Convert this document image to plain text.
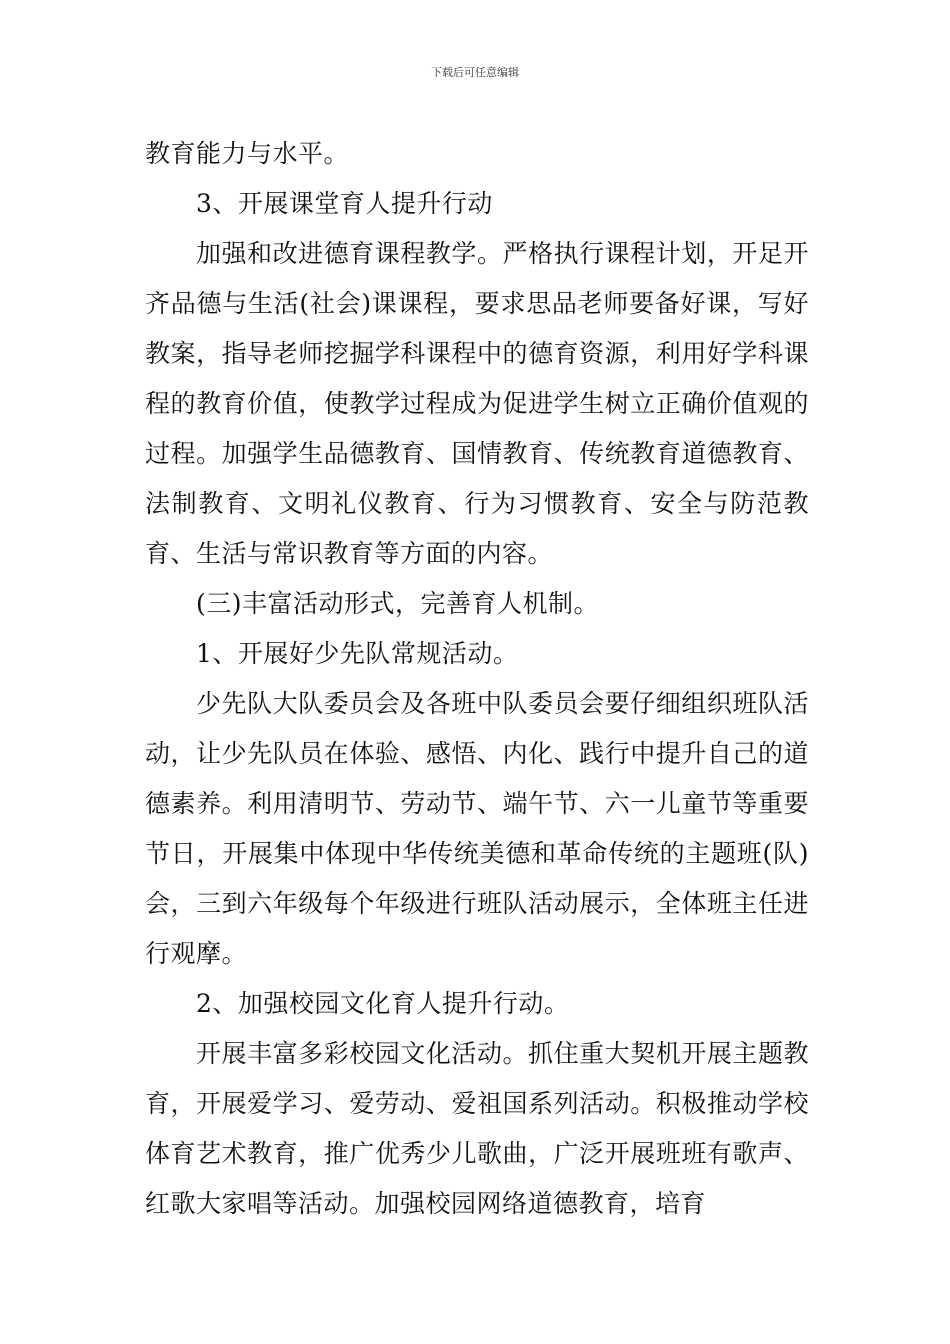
下载后可任意编辑

教育能力与水平。

3、开展课堂育人提升行动

加强和改进德育课程教学。严格执行课程计划，开足开齐品德与生活(社会)课课程，要求思品老师要备好课，写好教案，指导老师挖掘学科课程中的德育资源，利用好学科课程的教育价值，使教学过程成为促进学生树立正确价值观的过程。加强学生品德教育、国情教育、传统教育道德教育、法制教育、文明礼仪教育、行为习惯教育、安全与防范教育、生活与常识教育等方面的内容。

(三)丰富活动形式，完善育人机制。

1、开展好少先队常规活动。

少先队大队委员会及各班中队委员会要仔细组织班队活动，让少先队员在体验、感悟、内化、践行中提升自己的道德素养。利用清明节、劳动节、端午节、六一儿童节等重要节日，开展集中体现中华传统美德和革命传统的主题班(队)会，三到六年级每个年级进行班队活动展示，全体班主任进行观摩。

2、加强校园文化育人提升行动。

开展丰富多彩校园文化活动。抓住重大契机开展主题教育，开展爱学习、爱劳动、爱祖国系列活动。积极推动学校体育艺术教育，推广优秀少儿歌曲，广泛开展班班有歌声、红歌大家唱等活动。加强校园网络道德教育，培育
